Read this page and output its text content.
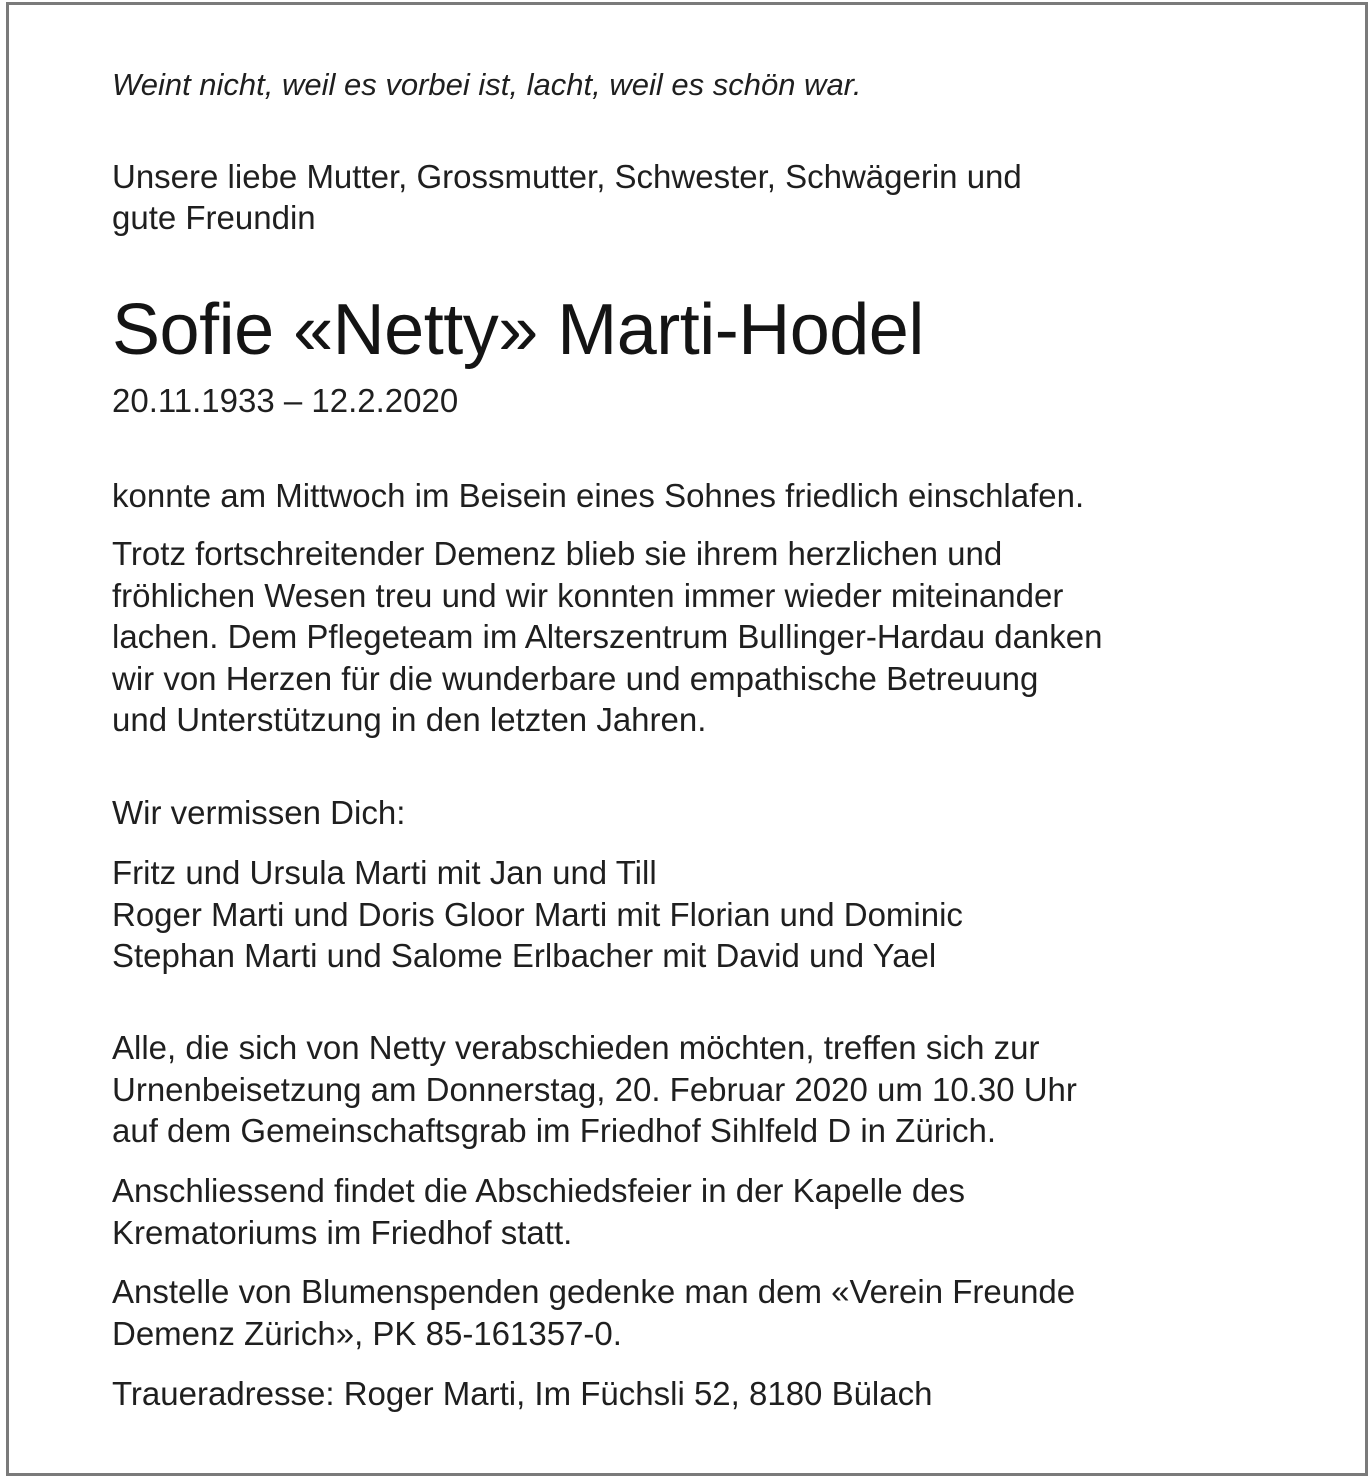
Weint nicht, weil es vorbei ist, lacht, weil es schön war.
Unsere liebe Mutter, Grossmutter, Schwester, Schwägerin und
gute Freundin
Sofie «Netty» Marti-Hodel
20.11.1933 – 12.2.2020
konnte am Mittwoch im Beisein eines Sohnes friedlich einschlafen.
Trotz fortschreitender Demenz blieb sie ihrem herzlichen und
fröhlichen Wesen treu und wir konnten immer wieder miteinander
lachen. Dem Pflegeteam im Alterszentrum Bullinger-Hardau danken
wir von Herzen für die wunderbare und empathische Betreuung
und Unterstützung in den letzten Jahren.
Wir vermissen Dich:
Fritz und Ursula Marti mit Jan und Till
Roger Marti und Doris Gloor Marti mit Florian und Dominic
Stephan Marti und Salome Erlbacher mit David und Yael
Alle, die sich von Netty verabschieden möchten, treffen sich zur
Urnenbeisetzung am Donnerstag, 20. Februar 2020 um 10.30 Uhr
auf dem Gemeinschaftsgrab im Friedhof Sihlfeld D in Zürich.
Anschliessend findet die Abschiedsfeier in der Kapelle des
Krematoriums im Friedhof statt.
Anstelle von Blumenspenden gedenke man dem «Verein Freunde
Demenz Zürich», PK 85-161357-0.
Traueradresse: Roger Marti, Im Füchsli 52, 8180 Bülach
